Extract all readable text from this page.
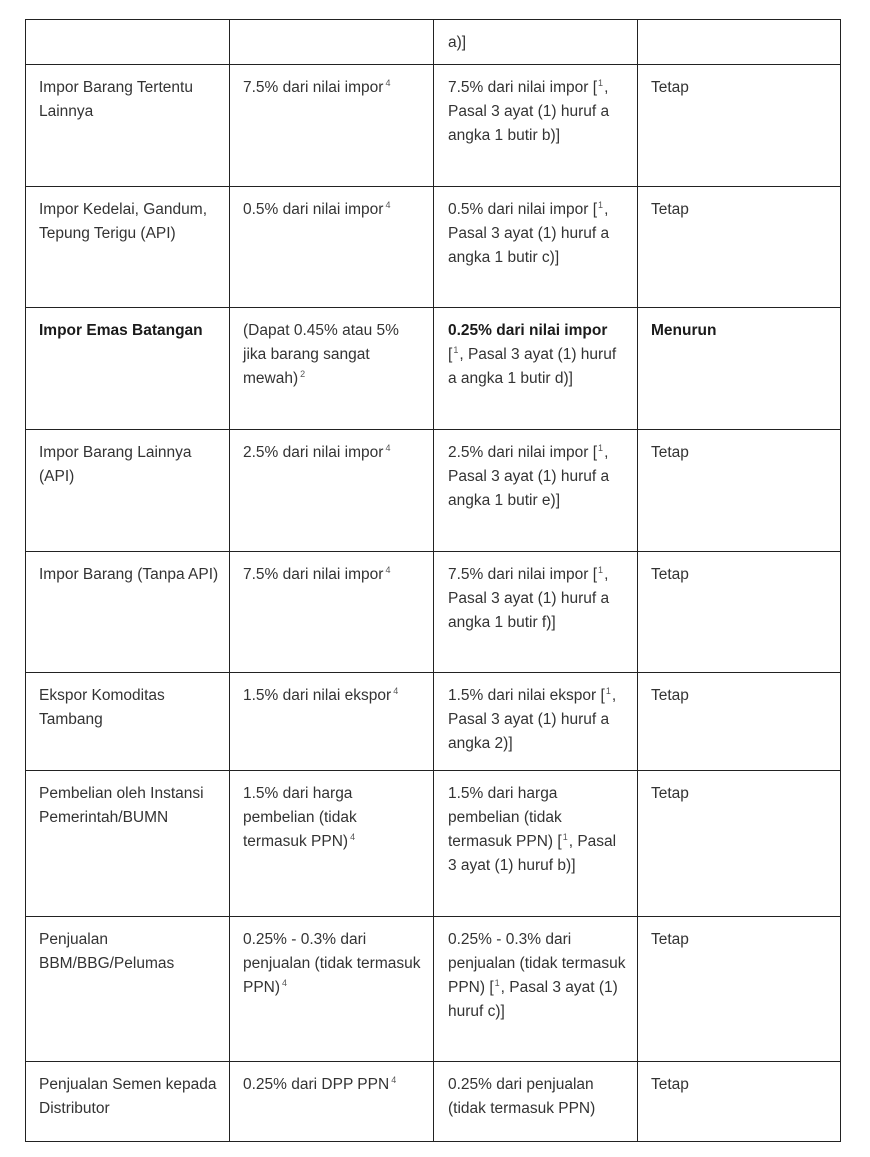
		a)]	
Impor Barang Tertentu Lainnya	7.5% dari nilai impor $^4$	7.5% dari nilai impor [$^1$, Pasal 3 ayat (1) huruf a angka 1 butir b)]	Tetap
Impor Kedelai, Gandum, Tepung Terigu (API)	0.5% dari nilai impor $^4$	0.5% dari nilai impor [$^1$, Pasal 3 ayat (1) huruf a angka 1 butir c)]	Tetap
Impor Emas Batangan	(Dapat 0.45% atau 5% jika barang sangat mewah) $^2$	0.25% dari nilai impor [$^1$, Pasal 3 ayat (1) huruf a angka 1 butir d)]	Menurun
Impor Barang Lainnya (API)	2.5% dari nilai impor $^4$	2.5% dari nilai impor [$^1$, Pasal 3 ayat (1) huruf a angka 1 butir e)]	Tetap
Impor Barang (Tanpa API)	7.5% dari nilai impor $^4$	7.5% dari nilai impor [$^1$, Pasal 3 ayat (1) huruf a angka 1 butir f)]	Tetap
Ekspor Komoditas Tambang	1.5% dari nilai ekspor $^4$	1.5% dari nilai ekspor [$^1$, Pasal 3 ayat (1) huruf a angka 2)]	Tetap
Pembelian oleh Instansi Pemerintah/BUMN	1.5% dari harga pembelian (tidak termasuk PPN) $^4$	1.5% dari harga pembelian (tidak termasuk PPN) [$^1$, Pasal 3 ayat (1) huruf b)]	Tetap
Penjualan BBM/BBG/Pelumas	0.25% - 0.3% dari penjualan (tidak termasuk PPN) $^4$	0.25% - 0.3% dari penjualan (tidak termasuk PPN) [$^1$, Pasal 3 ayat (1) huruf c)]	Tetap
Penjualan Semen kepada Distributor	0.25% dari DPP PPN $^4$	0.25% dari penjualan (tidak termasuk PPN)	Tetap
